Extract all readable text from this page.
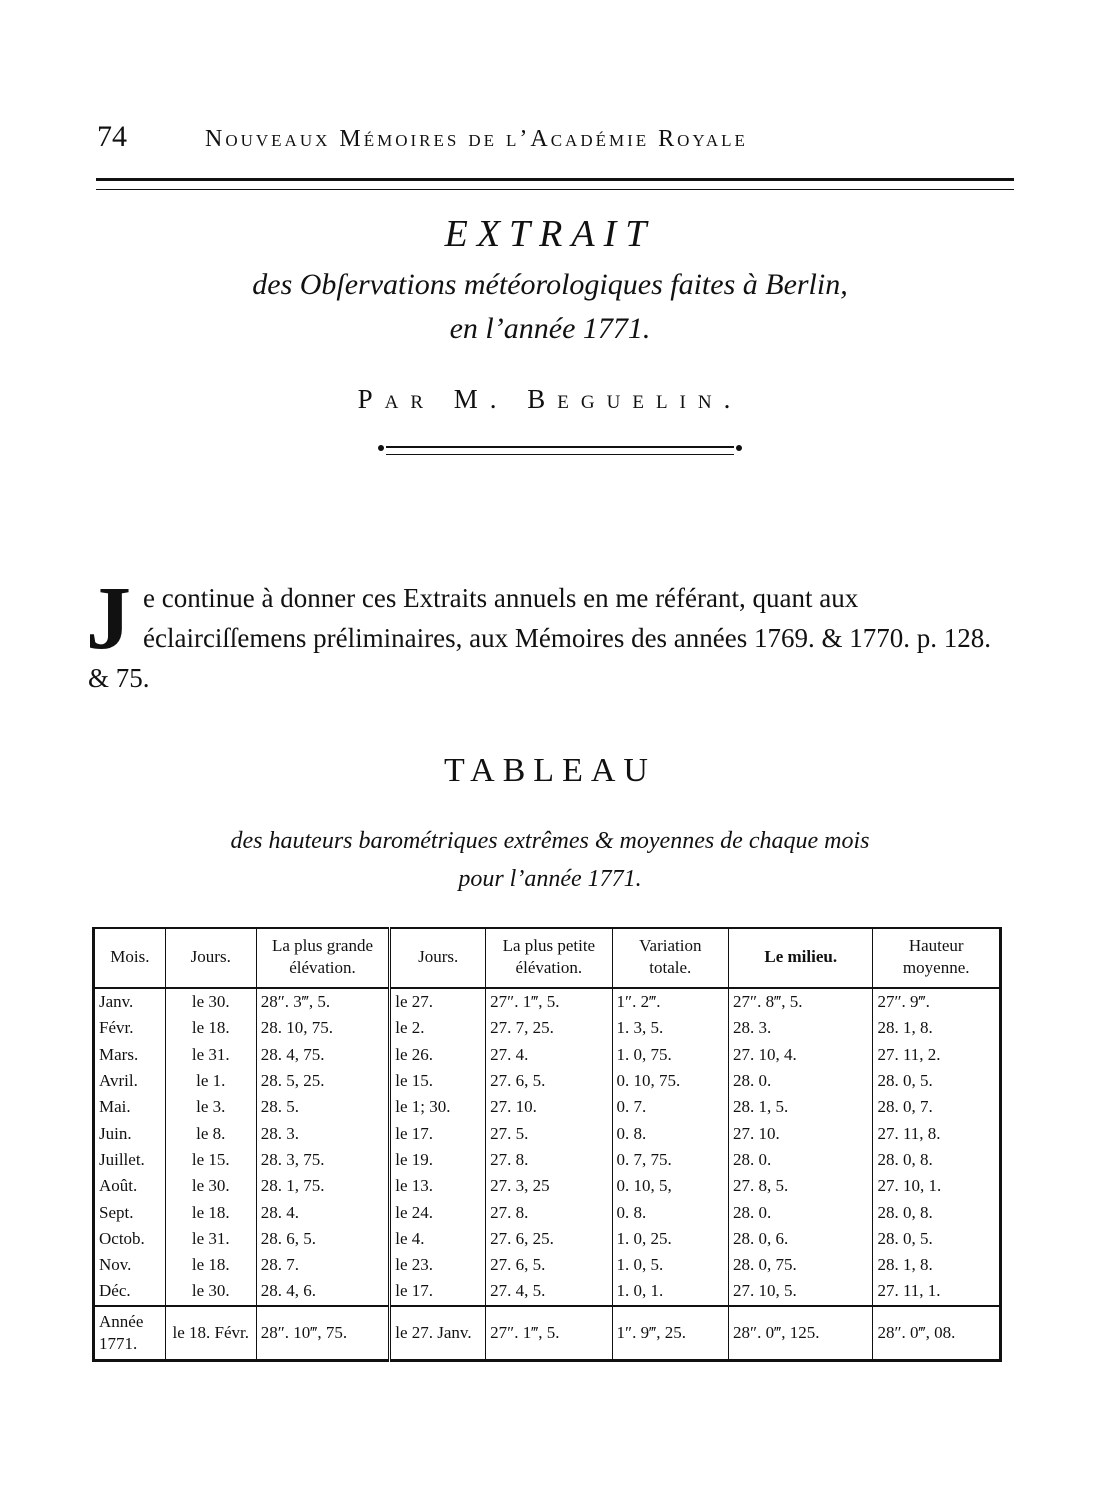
74	Nouveaux Mémoires de l’Académie Royale
EXTRAIT
des Obſervations météorologiques faites à Berlin,
en l’année 1771.
Par M. Beguelin.
J e continue à donner ces Extraits annuels en me référant, quant aux éclairciſſemens préliminaires, aux Mémoires des années 1769. & 1770. p. 128. & 75.
TABLEAU
des hauteurs barométriques extrêmes & moyennes de chaque mois
pour l’année 1771.
Mois.	Jours.	La plus grande élévation.	Jours.	La plus petite élévation.	Variation totale.	Le milieu.	Hauteur moyenne.
Janv.	le 30.	28″. 3‴, 5.	le 27.	27″. 1‴, 5.	1″. 2‴.	27″. 8‴, 5.	27″. 9‴.
Févr.	le 18.	28. 10, 75.	le 2.	27. 7, 25.	1. 3, 5.	28. 3.	28. 1, 8.
Mars.	le 31.	28. 4, 75.	le 26.	27. 4.	1. 0, 75.	27. 10, 4.	27. 11, 2.
Avril.	le 1.	28. 5, 25.	le 15.	27. 6, 5.	0. 10, 75.	28. 0.	28. 0, 5.
Mai.	le 3.	28. 5.	le 1; 30.	27. 10.	0. 7.	28. 1, 5.	28. 0, 7.
Juin.	le 8.	28. 3.	le 17.	27. 5.	0. 8.	27. 10.	27. 11, 8.
Juillet.	le 15.	28. 3, 75.	le 19.	27. 8.	0. 7, 75.	28. 0.	28. 0, 8.
Août.	le 30.	28. 1, 75.	le 13.	27. 3, 25	0. 10, 5,	27. 8, 5.	27. 10, 1.
Sept.	le 18.	28. 4.	le 24.	27. 8.	0. 8.	28. 0.	28. 0, 8.
Octob.	le 31.	28. 6, 5.	le 4.	27. 6, 25.	1. 0, 25.	28. 0, 6.	28. 0, 5.
Nov.	le 18.	28. 7.	le 23.	27. 6, 5.	1. 0, 5.	28. 0, 75.	28. 1, 8.
Déc.	le 30.	28. 4, 6.	le 17.	27. 4, 5.	1. 0, 1.	27. 10, 5.	27. 11, 1.
Année 1771.	le 18. Févr.	28″. 10‴, 75.	le 27. Janv.	27″. 1‴, 5.	1″. 9‴, 25.	28″. 0‴, 125.	28″. 0‴, 08.
